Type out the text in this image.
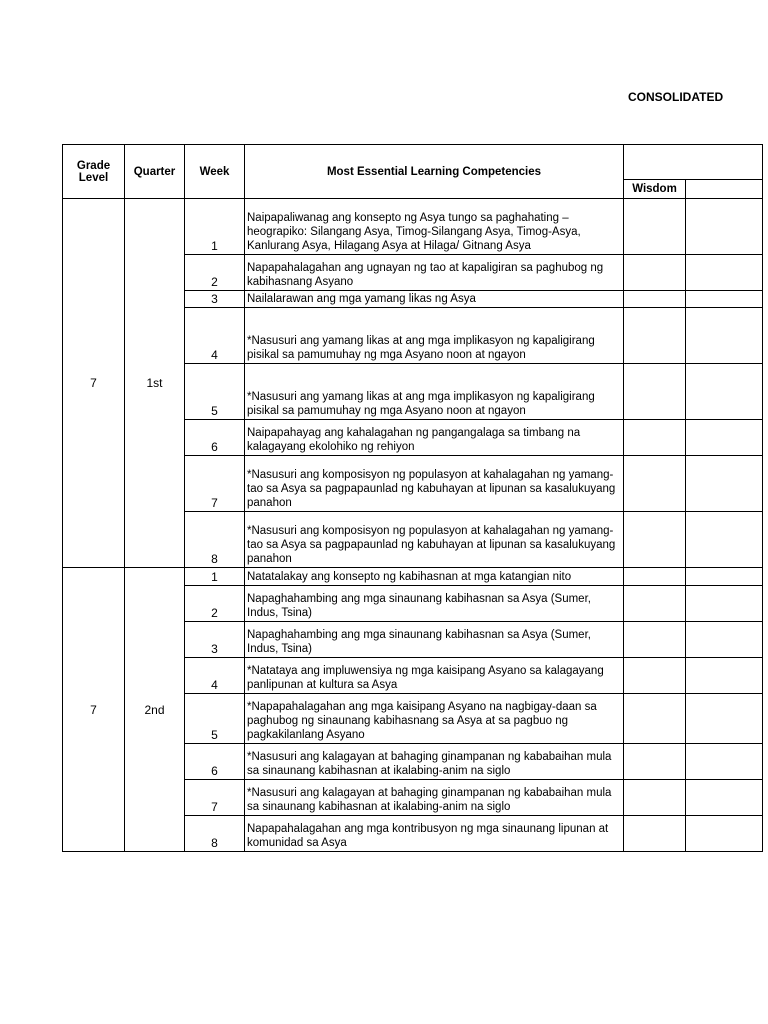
CONSOLIDATED
Grade Level	Quarter	Week	Most Essential Learning Competencies		
				Wisdom	
7	1st	1	Naipapaliwanag ang konsepto ng Asya tungo sa paghahating – heograpiko: Silangang Asya, Timog-Silangang Asya, Timog-Asya, Kanlurang Asya, Hilagang Asya at Hilaga/ Gitnang Asya		
		2	Napapahalagahan ang ugnayan ng tao at kapaligiran sa paghubog ng kabihasnang Asyano		
		3	Nailalarawan ang mga yamang likas ng Asya		
		4	*Nasusuri ang yamang likas at ang mga implikasyon ng kapaligirang pisikal sa pamumuhay ng mga Asyano noon at ngayon		
		5	*Nasusuri ang yamang likas at ang mga implikasyon ng kapaligirang pisikal sa pamumuhay ng mga Asyano noon at ngayon		
		6	Naipapahayag ang kahalagahan ng pangangalaga sa timbang na kalagayang ekolohiko ng rehiyon		
		7	*Nasusuri ang komposisyon ng populasyon at kahalagahan ng yamang-tao sa Asya sa pagpapaunlad ng kabuhayan at lipunan sa kasalukuyang panahon		
		8	*Nasusuri ang komposisyon ng populasyon at kahalagahan ng yamang-tao sa Asya sa pagpapaunlad ng kabuhayan at lipunan sa kasalukuyang panahon		
7	2nd	1	Natatalakay ang konsepto ng kabihasnan at mga katangian nito		
		2	Napaghahambing ang mga sinaunang kabihasnan sa Asya (Sumer, Indus, Tsina)		
		3	Napaghahambing ang mga sinaunang kabihasnan sa Asya (Sumer, Indus, Tsina)		
		4	*Natataya ang impluwensiya ng mga kaisipang Asyano sa kalagayang panlipunan at kultura sa Asya		
		5	*Napapahalagahan ang mga kaisipang Asyano na nagbigay-daan sa paghubog ng sinaunang kabihasnang sa Asya at sa pagbuo ng pagkakilanlang Asyano		
		6	*Nasusuri ang kalagayan at bahaging ginampanan ng kababaihan mula sa sinaunang kabihasnan at ikalabing-anim na siglo		
		7	*Nasusuri ang kalagayan at bahaging ginampanan ng kababaihan mula sa sinaunang kabihasnan at ikalabing-anim na siglo		
		8	Napapahalagahan ang mga kontribusyon ng mga sinaunang lipunan at komunidad sa Asya		
